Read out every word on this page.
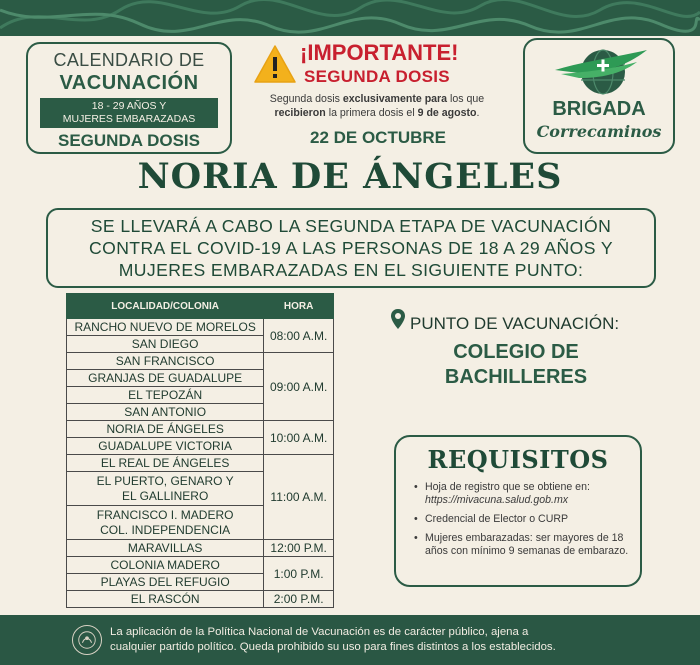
CALENDARIO DE
VACUNACIÓN
18 - 29 AÑOS Y
MUJERES EMBARAZADAS
SEGUNDA DOSIS
¡IMPORTANTE!
SEGUNDA DOSIS
Segunda dosis exclusivamente para los que recibieron la primera dosis el 9 de agosto.
22 DE OCTUBRE
BRIGADA
Correcaminos
NORIA DE ÁNGELES
SE LLEVARÁ A CABO LA SEGUNDA ETAPA DE VACUNACIÓN
CONTRA EL COVID-19 A LAS PERSONAS DE 18 A 29 AÑOS Y
MUJERES EMBARAZADAS EN EL SIGUIENTE PUNTO:
LOCALIDAD/COLONIA	HORA
RANCHO NUEVO DE MORELOS	08:00 A.M.
SAN DIEGO	
SAN FRANCISCO	09:00 A.M.
GRANJAS DE GUADALUPE	
EL TEPOZÁN	
SAN ANTONIO	
NORIA DE ÁNGELES	10:00 A.M.
GUADALUPE VICTORIA	
EL REAL DE ÁNGELES	11:00 A.M.

EL PUERTO, GENARO Y
EL GALLINERO	

FRANCISCO I. MADERO
COL. INDEPENDENCIA	

MARAVILLAS	12:00 P.M.
COLONIA MADERO	1:00 P.M.
PLAYAS DEL REFUGIO	
EL RASCÓN	2:00 P.M.
PUNTO DE VACUNACIÓN:
COLEGIO DE
BACHILLERES
REQUISITOS
• Hoja de registro que se obtiene en: https://mivacuna.salud.gob.mx
• Credencial de Elector o CURP
• Mujeres embarazadas: ser mayores de 18 años con mínimo 9 semanas de embarazo.
La aplicación de la Política Nacional de Vacunación es de carácter público, ajena a
cualquier partido político. Queda prohibido su uso para fines distintos a los establecidos.
